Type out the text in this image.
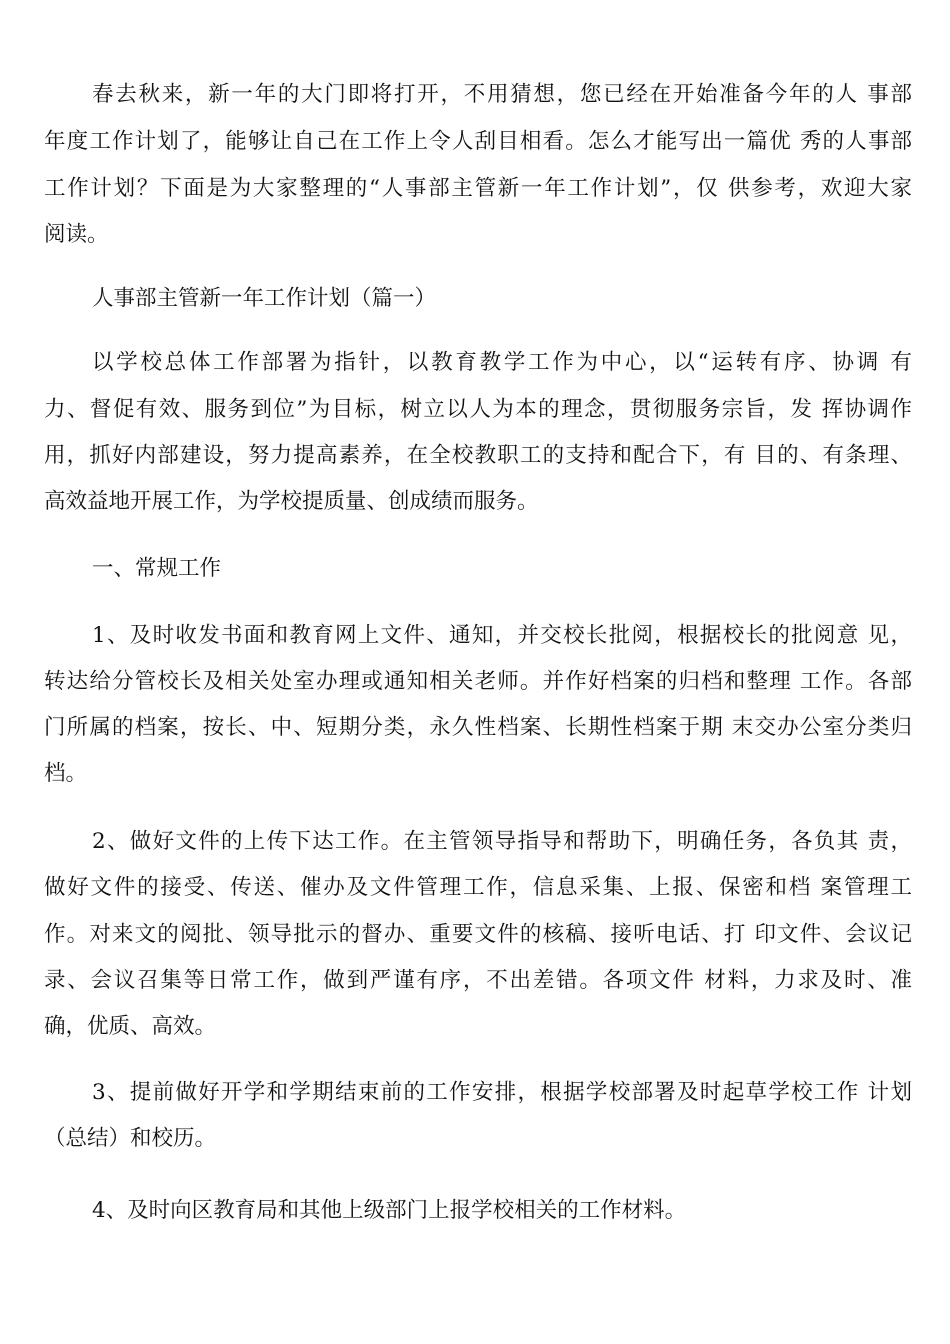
春去秋来，新一年的大门即将打开，不用猜想，您已经在开始准备今年的人 事部
年度工作计划了，能够让自己在工作上令人刮目相看。怎么才能写出一篇优 秀的人事部
工作计划？下面是为大家整理的“人事部主管新一年工作计划”，仅 供参考，欢迎大家
阅读。
人事部主管新一年工作计划（篇一）
以学校总体工作部署为指针，以教育教学工作为中心，以“运转有序、协调 有
力、督促有效、服务到位”为目标，树立以人为本的理念，贯彻服务宗旨，发 挥协调作
用，抓好内部建设，努力提高素养，在全校教职工的支持和配合下，有 目的、有条理、
高效益地开展工作，为学校提质量、创成绩而服务。
一、常规工作
1、及时收发书面和教育网上文件、通知，并交校长批阅，根据校长的批阅意 见，
转达给分管校长及相关处室办理或通知相关老师。并作好档案的归档和整理 工作。各部
门所属的档案，按长、中、短期分类，永久性档案、长期性档案于期 末交办公室分类归
档。
2、做好文件的上传下达工作。在主管领导指导和帮助下，明确任务，各负其 责，
做好文件的接受、传送、催办及文件管理工作，信息采集、上报、保密和档 案管理工
作。对来文的阅批、领导批示的督办、重要文件的核稿、接听电话、打 印文件、会议记
录、会议召集等日常工作，做到严谨有序，不出差错。各项文件 材料，力求及时、准
确，优质、高效。
3、提前做好开学和学期结束前的工作安排，根据学校部署及时起草学校工作 计划
（总结）和校历。
4、及时向区教育局和其他上级部门上报学校相关的工作材料。
